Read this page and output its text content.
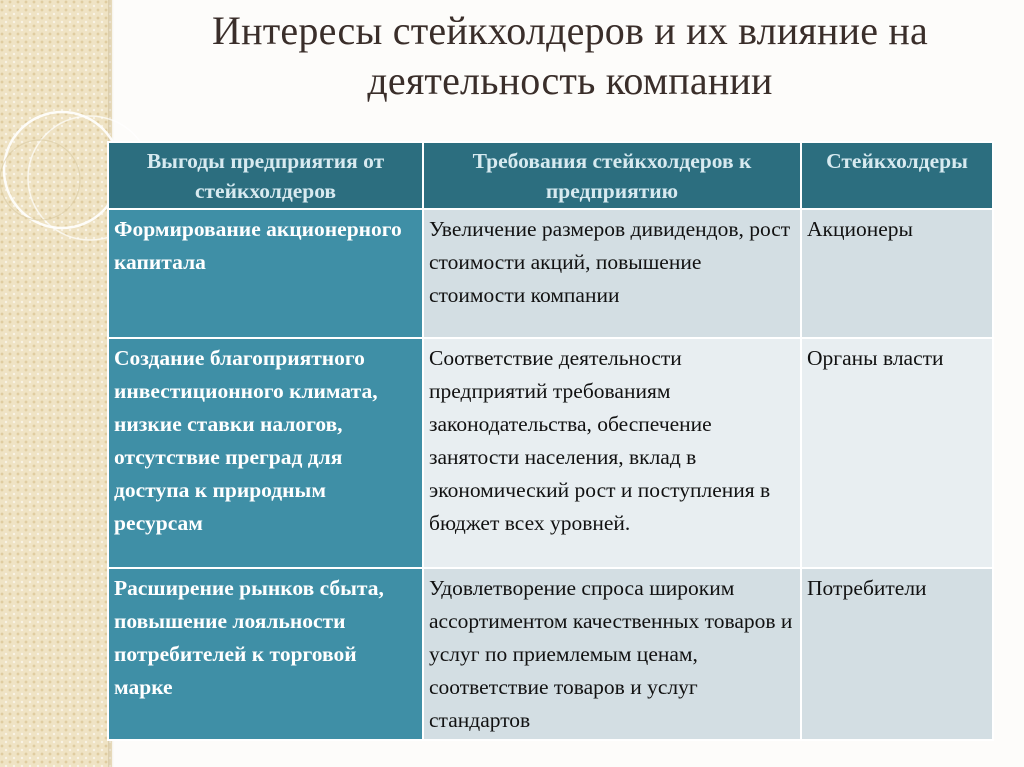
Интересы стейкхолдеров и их влияние на
деятельность компании
Выгоды предприятия от стейкхолдеров	Требования стейкхолдеров к предприятию	Стейкхолдеры
Формирование акционерного капитала	Увеличение размеров дивидендов, рост стоимости акций, повышение стоимости компании	Акционеры
Создание благоприятного инвестиционного климата, низкие ставки налогов, отсутствие преград для доступа к природным ресурсам	Соответствие деятельности предприятий требованиям законодательства, обеспечение занятости населения, вклад в экономический рост и поступления в бюджет всех уровней.	Органы власти
Расширение рынков сбыта, повышение лояльности потребителей к торговой марке	Удовлетворение спроса широким ассортиментом качественных товаров и услуг по приемлемым ценам, соответствие товаров и услуг стандартов	Потребители
